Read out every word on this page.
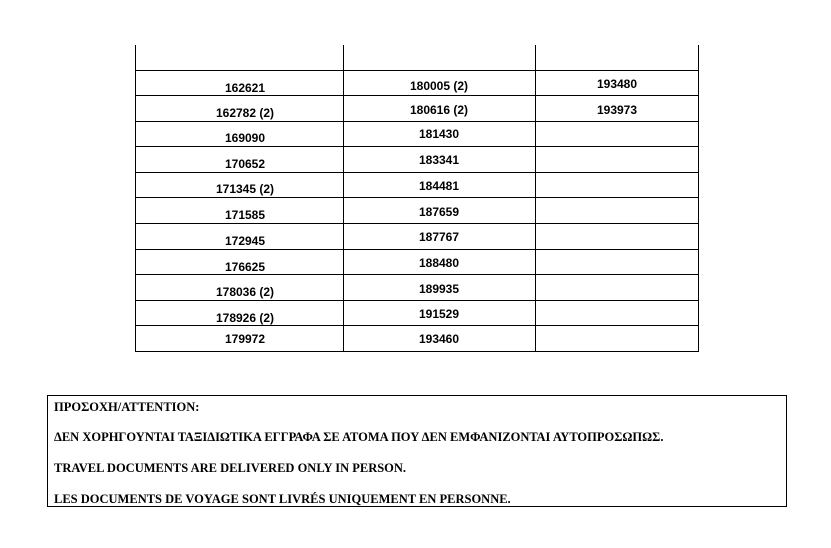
162621	180005 (2)	193480
162782 (2)	180616 (2)	193973
169090	181430
170652	183341
171345 (2)	184481
171585	187659
172945	187767
176625	188480
178036 (2)	189935
178926 (2)	191529
179972	193460
ΠΡΟΣΟΧΗ/ATTENTION:
ΔΕΝ ΧΟΡΗΓΟΥΝΤΑΙ ΤΑΞΙΔΙΩΤΙΚΑ ΕΓΓΡΑΦΑ ΣΕ ΑΤΟΜΑ ΠΟΥ ΔΕΝ ΕΜΦΑΝΙΖΟΝΤΑΙ ΑΥΤΟΠΡΟΣΩΠΩΣ.
TRAVEL DOCUMENTS ARE DELIVERED ONLY IN PERSON.
LES DOCUMENTS DE VOYAGE SONT LIVRÉS UNIQUEMENT EN PERSONNE.
